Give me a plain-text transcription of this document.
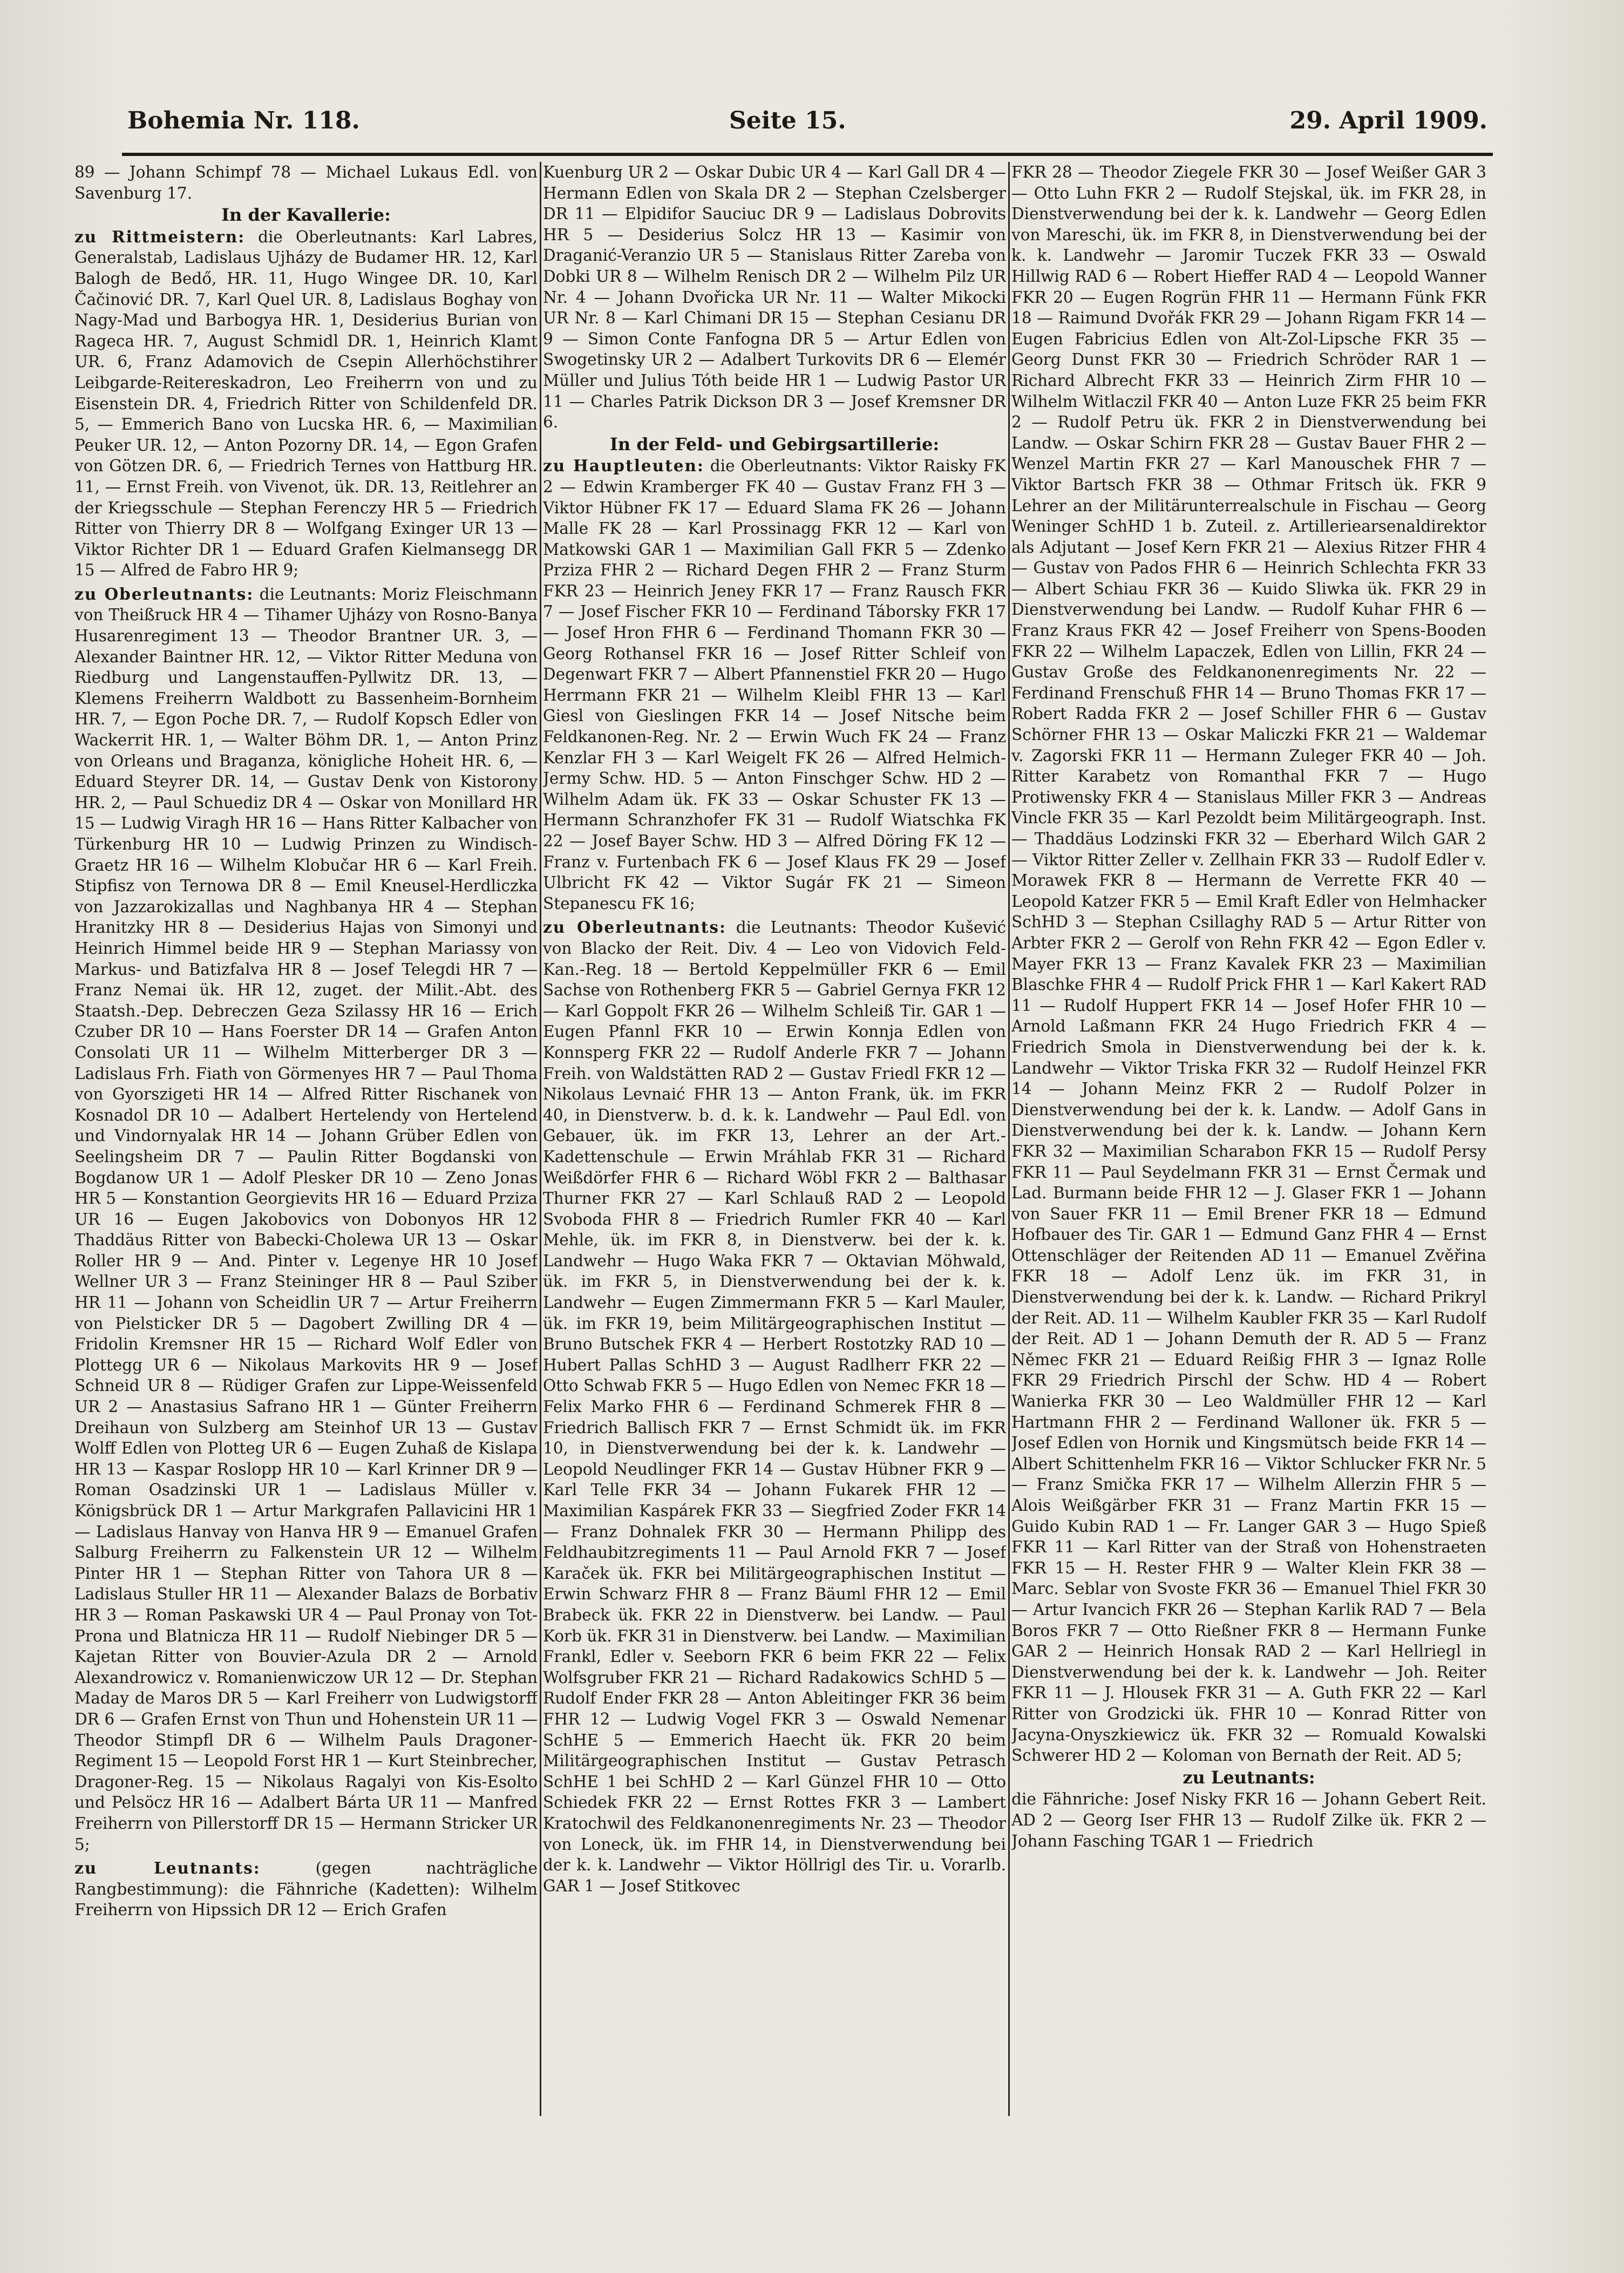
Bohemia Nr. 118.	Seite 15.	29. April 1909.

89 — Johann Schimpf 78 — Michael Lukaus Edl. von Savenburg 17.

In der Kavallerie:

zu Rittmeistern: die Oberleutnants: Karl Labres, Generalstab, Ladislaus Ujházy de Budamer HR. 12, Karl Balogh de Bedő, HR. 11, Hugo Wingee DR. 10, Karl Čačinović DR. 7, Karl Quel UR. 8, Ladislaus Boghay von Nagy-Mad und Barbogya HR. 1, Desiderius Burian von Rageca HR. 7, August Schmidl DR. 1, Heinrich Klamt UR. 6, Franz Adamovich de Csepin Allerhöchstihrer Leibgarde-Reitereskadron, Leo Freiherrn von und zu Eisenstein DR. 4, Friedrich Ritter von Schildenfeld DR. 5, — Emmerich Bano von Lucska HR. 6, — Maximilian Peuker UR. 12, — Anton Pozorny DR. 14, — Egon Grafen von Götzen DR. 6, — Friedrich Ternes von Hattburg HR. 11, — Ernst Freih. von Vivenot, ük. DR. 13, Reitlehrer an der Kriegsschule — Stephan Ferenczy HR 5 — Friedrich Ritter von Thierry DR 8 — Wolfgang Exinger UR 13 — Viktor Richter DR 1 — Eduard Grafen Kielmansegg DR 15 — Alfred de Fabro HR 9;

zu Oberleutnants: die Leutnants: Moriz Fleischmann von Theißruck HR 4 — Tihamer Ujházy von Rosno-Banya Husarenregiment 13 — Theodor Brantner UR. 3, — Alexander Baintner HR. 12, — Viktor Ritter Meduna von Riedburg und Langenstauffen-Pyllwitz DR. 13, — Klemens Freiherrn Waldbott zu Bassenheim-Bornheim HR. 7, — Egon Poche DR. 7, — Rudolf Kopsch Edler von Wackerrit HR. 1, — Walter Böhm DR. 1, — Anton Prinz von Orleans und Braganza, königliche Hoheit HR. 6, — Eduard Steyrer DR. 14, — Gustav Denk von Kistorony HR. 2, — Paul Schuediz DR 4 — Oskar von Monillard HR 15 — Ludwig Viragh HR 16 — Hans Ritter Kalbacher von Türkenburg HR 10 — Ludwig Prinzen zu Windisch-Graetz HR 16 — Wilhelm Klobučar HR 6 — Karl Freih. Stipfisz von Ternowa DR 8 — Emil Kneusel-Herdliczka von Jazzarokizallas und Naghbanya HR 4 — Stephan Hranitzky HR 8 — Desiderius Hajas von Simonyi und Heinrich Himmel beide HR 9 — Stephan Mariassy von Markus- und Batizfalva HR 8 — Josef Telegdi HR 7 — Franz Nemai ük. HR 12, zuget. der Milit.-Abt. des Staatsh.-Dep. Debreczen Geza Szilassy HR 16 — Erich Czuber DR 10 — Hans Foerster DR 14 — Grafen Anton Consolati UR 11 — Wilhelm Mitterberger DR 3 — Ladislaus Frh. Fiath von Görmenyes HR 7 — Paul Thoma von Gyorszigeti HR 14 — Alfred Ritter Rischanek von Kosnadol DR 10 — Adalbert Hertelendy von Hertelend und Vindornyalak HR 14 — Johann Grüber Edlen von Seelingsheim DR 7 — Paulin Ritter Bogdanski von Bogdanow UR 1 — Adolf Plesker DR 10 — Zeno Jonas HR 5 — Konstantion Georgievits HR 16 — Eduard Prziza UR 16 — Eugen Jakobovics von Dobonyos HR 12 Thaddäus Ritter von Babecki-Cholewa UR 13 — Oskar Roller HR 9 — And. Pinter v. Legenye HR 10 Josef Wellner UR 3 — Franz Steininger HR 8 — Paul Sziber HR 11 — Johann von Scheidlin UR 7 — Artur Freiherrn von Pielsticker DR 5 — Dagobert Zwilling DR 4 — Fridolin Kremsner HR 15 — Richard Wolf Edler von Plottegg UR 6 — Nikolaus Markovits HR 9 — Josef Schneid UR 8 — Rüdiger Grafen zur Lippe-Weissenfeld UR 2 — Anastasius Safrano HR 1 — Günter Freiherrn Dreihaun von Sulzberg am Steinhof UR 13 — Gustav Wolff Edlen von Plotteg UR 6 — Eugen Zuhaß de Kislapa HR 13 — Kaspar Roslopp HR 10 — Karl Krinner DR 9 — Roman Osadzinski UR 1 — Ladislaus Müller v. Königsbrück DR 1 — Artur Markgrafen Pallavicini HR 1 — Ladislaus Hanvay von Hanva HR 9 — Emanuel Grafen Salburg Freiherrn zu Falkenstein UR 12 — Wilhelm Pinter HR 1 — Stephan Ritter von Tahora UR 8 — Ladislaus Stuller HR 11 — Alexander Balazs de Borbativ HR 3 — Roman Paskawski UR 4 — Paul Pronay von Tot-Prona und Blatnicza HR 11 — Rudolf Niebinger DR 5 — Kajetan Ritter von Bouvier-Azula DR 2 — Arnold Alexandrowicz v. Romanienwiczow UR 12 — Dr. Stephan Maday de Maros DR 5 — Karl Freiherr von Ludwigstorff DR 6 — Grafen Ernst von Thun und Hohenstein UR 11 — Theodor Stimpfl DR 6 — Wilhelm Pauls Dragoner-Regiment 15 — Leopold Forst HR 1 — Kurt Steinbrecher, Dragoner-Reg. 15 — Nikolaus Ragalyi von Kis-Esolto und Pelsöcz HR 16 — Adalbert Bárta UR 11 — Manfred Freiherrn von Pillerstorff DR 15 — Hermann Stricker UR 5;

zu Leutnants:	(gegen nachträgliche Rangbestimmung): die Fähnriche (Kadetten): Wilhelm Freiherrn von Hipssich DR 12 — Erich Grafen

Kuenburg UR 2 — Oskar Dubic UR 4 — Karl Gall DR 4 — Hermann Edlen von Skala DR 2 — Stephan Czelsberger DR 11 — Elpidifor Sauciuc DR 9 — Ladislaus Dobrovits HR 5 — Desiderius Solcz HR 13 — Kasimir von Draganić-Veranzio UR 5 — Stanislaus Ritter Zareba von Dobki UR 8 — Wilhelm Renisch DR 2 — Wilhelm Pilz UR Nr. 4 — Johann Dvořicka UR Nr. 11 — Walter Mikocki UR Nr. 8 — Karl Chimani DR 15 — Stephan Cesianu DR 9 — Simon Conte Fanfogna DR 5 — Artur Edlen von Swogetinsky UR 2 — Adalbert Turkovits DR 6 — Elemér Müller und Julius Tóth beide HR 1 — Ludwig Pastor UR 11 — Charles Patrik Dickson DR 3 — Josef Kremsner DR 6.

In der Feld- und Gebirgsartillerie:

zu Hauptleuten: die Oberleutnants: Viktor Raisky FK 2 — Edwin Kramberger FK 40 — Gustav Franz FH 3 — Viktor Hübner FK 17 — Eduard Slama FK 26 — Johann Malle FK 28 — Karl Prossinagg FKR 12 — Karl von Matkowski GAR 1 — Maximilian Gall FKR 5 — Zdenko Prziza FHR 2 — Richard Degen FHR 2 — Franz Sturm FKR 23 — Heinrich Jeney FKR 17 — Franz Rausch FKR 7 — Josef Fischer FKR 10 — Ferdinand Táborsky FKR 17 — Josef Hron FHR 6 — Ferdinand Thomann FKR 30 — Georg Rothansel FKR 16 — Josef Ritter Schleif von Degenwart FKR 7 — Albert Pfannenstiel FKR 20 — Hugo Herrmann FKR 21 — Wilhelm Kleibl FHR 13 — Karl Giesl von Gieslingen FKR 14 — Josef Nitsche beim Feldkanonen-Reg. Nr. 2 — Erwin Wuch FK 24 — Franz Kenzlar FH 3 — Karl Weigelt FK 26 — Alfred Helmich-Jermy Schw. HD. 5 — Anton Finschger Schw. HD 2 — Wilhelm Adam ük. FK 33 — Oskar Schuster FK 13 — Hermann Schranzhofer FK 31 — Rudolf Wiatschka FK 22 — Josef Bayer Schw. HD 3 — Alfred Döring FK 12 — Franz v. Furtenbach FK 6 — Josef Klaus FK 29 — Josef Ulbricht FK 42 — Viktor Sugár FK 21 — Simeon Stepanescu FK 16;

zu Oberleutnants: die Leutnants: Theodor Kušević von Blacko der Reit. Div. 4 — Leo von Vidovich Feld-Kan.-Reg. 18 — Bertold Keppelmüller FKR 6 — Emil Sachse von Rothenberg FKR 5 — Gabriel Gernya FKR 12 — Karl Goppolt FKR 26 — Wilhelm Schleiß Tir. GAR 1 — Eugen Pfannl FKR 10 — Erwin Konnja Edlen von Konnsperg FKR 22 — Rudolf Anderle FKR 7 — Johann Freih. von Waldstätten RAD 2 — Gustav Friedl FKR 12 — Nikolaus Levnaić FHR 13 — Anton Frank, ük. im FKR 40, in Dienstverw. b. d. k. k. Landwehr — Paul Edl. von Gebauer, ük. im FKR 13, Lehrer an der Art.-Kadettenschule — Erwin Mráhlab FKR 31 — Richard Weißdörfer FHR 6 — Richard Wöbl FKR 2 — Balthasar Thurner FKR 27 — Karl Schlauß RAD 2 — Leopold Svoboda FHR 8 — Friedrich Rumler FKR 40 — Karl Mehle, ük. im FKR 8, in Dienstverw. bei der k. k. Landwehr — Hugo Waka FKR 7 — Oktavian Möhwald, ük. im FKR 5, in Dienstverwendung bei der k. k. Landwehr — Eugen Zimmermann FKR 5 — Karl Mauler, ük. im FKR 19, beim Militärgeographischen Institut — Bruno Butschek FKR 4 — Herbert Rostotzky RAD 10 — Hubert Pallas SchHD 3 — August Radlherr FKR 22 — Otto Schwab FKR 5 — Hugo Edlen von Nemec FKR 18 — Felix Marko FHR 6 — Ferdinand Schmerek FHR 8 — Friedrich Ballisch FKR 7 — Ernst Schmidt ük. im FKR 10, in Dienstverwendung bei der k. k. Landwehr — Leopold Neudlinger FKR 14 — Gustav Hübner FKR 9 — Karl Telle FKR 34 — Johann Fukarek FHR 12 — Maximilian Kaspárek FKR 33 — Siegfried Zoder FKR 14 — Franz Dohnalek FKR 30 — Hermann Philipp des Feldhaubitzregiments 11 — Paul Arnold FKR 7 — Josef Karaček ük. FKR bei Militärgeographischen Institut — Erwin Schwarz FHR 8 — Franz Bäuml FHR 12 — Emil Brabeck ük. FKR 22 in Dienstverw. bei Landw. — Paul Korb ük. FKR 31 in Dienstverw. bei Landw. — Maximilian Frankl, Edler v. Seeborn FKR 6 beim FKR 22 — Felix Wolfsgruber FKR 21 — Richard Radakowics SchHD 5 — Rudolf Ender FKR 28 — Anton Ableitinger FKR 36 beim FHR 12 — Ludwig Vogel FKR 3 — Oswald Nemenar SchHE 5 — Emmerich Haecht ük. FKR 20 beim Militärgeographischen Institut — Gustav Petrasch SchHE 1 bei SchHD 2 — Karl Günzel FHR 10 — Otto Schiedek FKR 22 — Ernst Rottes FKR 3 — Lambert Kratochwil des Feldkanonenregiments Nr. 23 — Theodor von Loneck, ük. im FHR 14, in Dienstverwendung bei der k. k. Landwehr — Viktor Höllrigl des Tir. u. Vorarlb. GAR 1 — Josef Stitkovec

FKR 28 — Theodor Ziegele FKR 30 — Josef Weißer GAR 3 — Otto Luhn FKR 2 — Rudolf Stejskal, ük. im FKR 28, in Dienstverwendung bei der k. k. Landwehr — Georg Edlen von Mareschi, ük. im FKR 8, in Dienstverwendung bei der k. k. Landwehr — Jaromir Tuczek FKR 33 — Oswald Hillwig RAD 6 — Robert Hieffer RAD 4 — Leopold Wanner FKR 20 — Eugen Rogrün FHR 11 — Hermann Fünk FKR 18 — Raimund Dvořák FKR 29 — Johann Rigam FKR 14 — Eugen Fabricius Edlen von Alt-Zol-Lipsche FKR 35 — Georg Dunst FKR 30 — Friedrich Schröder RAR 1 — Richard Albrecht FKR 33 — Heinrich Zirm FHR 10 — Wilhelm Witlaczil FKR 40 — Anton Luze FKR 25 beim FKR 2 — Rudolf Petru ük. FKR 2 in Dienstverwendung bei Landw. — Oskar Schirn FKR 28 — Gustav Bauer FHR 2 — Wenzel Martin FKR 27 — Karl Manouschek FHR 7 — Viktor Bartsch FKR 38 — Othmar Fritsch ük. FKR 9 Lehrer an der Militärunterrealschule in Fischau — Georg Weninger SchHD 1 b. Zuteil. z. Artilleriearsenaldirektor als Adjutant — Josef Kern FKR 21 — Alexius Ritzer FHR 4 — Gustav von Pados FHR 6 — Heinrich Schlechta FKR 33 — Albert Schiau FKR 36 — Kuido Sliwka ük. FKR 29 in Dienstverwendung bei Landw. — Rudolf Kuhar FHR 6 — Franz Kraus FKR 42 — Josef Freiherr von Spens-Booden FKR 22 — Wilhelm Lapaczek, Edlen von Lillin, FKR 24 — Gustav Große des Feldkanonenregiments Nr. 22 — Ferdinand Frenschuß FHR 14 — Bruno Thomas FKR 17 — Robert Radda FKR 2 — Josef Schiller FHR 6 — Gustav Schörner FHR 13 — Oskar Maliczki FKR 21 — Waldemar v. Zagorski FKR 11 — Hermann Zuleger FKR 40 — Joh. Ritter Karabetz von Romanthal FKR 7 — Hugo Protiwensky FKR 4 — Stanislaus Miller FKR 3 — Andreas Vincle FKR 35 — Karl Pezoldt beim Militärgeograph. Inst. — Thaddäus Lodzinski FKR 32 — Eberhard Wilch GAR 2 — Viktor Ritter Zeller v. Zellhain FKR 33 — Rudolf Edler v. Morawek FKR 8 — Hermann de Verrette FKR 40 — Leopold Katzer FKR 5 — Emil Kraft Edler von Helmhacker SchHD 3 — Stephan Csillaghy RAD 5 — Artur Ritter von Arbter FKR 2 — Gerolf von Rehn FKR 42 — Egon Edler v. Mayer FKR 13 — Franz Kavalek FKR 23 — Maximilian Blaschke FHR 4 — Rudolf Prick FHR 1 — Karl Kakert RAD 11 — Rudolf Huppert FKR 14 — Josef Hofer FHR 10 — Arnold Laßmann FKR 24 Hugo Friedrich FKR 4 — Friedrich Smola in Dienstverwendung bei der k. k. Landwehr — Viktor Triska FKR 32 — Rudolf Heinzel FKR 14 — Johann Meinz FKR 2 — Rudolf Polzer in Dienstverwendung bei der k. k. Landw. — Adolf Gans in Dienstverwendung bei der k. k. Landw. — Johann Kern FKR 32 — Maximilian Scharabon FKR 15 — Rudolf Persy FKR 11 — Paul Seydelmann FKR 31 — Ernst Čermak und Lad. Burmann beide FHR 12 — J. Glaser FKR 1 — Johann von Sauer FKR 11 — Emil Brener FKR 18 — Edmund Hofbauer des Tir. GAR 1 — Edmund Ganz FHR 4 — Ernst Ottenschläger der Reitenden AD 11 — Emanuel Zvěřina FKR 18 — Adolf Lenz ük. im FKR 31, in Dienstverwendung bei der k. k. Landw. — Richard Prikryl der Reit. AD. 11 — Wilhelm Kaubler FKR 35 — Karl Rudolf der Reit. AD 1 — Johann Demuth der R. AD 5 — Franz Němec FKR 21 — Eduard Reißig FHR 3 — Ignaz Rolle FKR 29 Friedrich Pirschl der Schw. HD 4 — Robert Wanierka FKR 30 — Leo Waldmüller FHR 12 — Karl Hartmann FHR 2 — Ferdinand Walloner ük. FKR 5 — Josef Edlen von Hornik und Kingsmütsch beide FKR 14 — Albert Schittenhelm FKR 16 — Viktor Schlucker FKR Nr. 5 — Franz Smička FKR 17 — Wilhelm Allerzin FHR 5 — Alois Weißgärber FKR 31 — Franz Martin FKR 15 — Guido Kubin RAD 1 — Fr. Langer GAR 3 — Hugo Spieß FKR 11 — Karl Ritter van der Straß von Hohenstraeten FKR 15 — H. Rester FHR 9 — Walter Klein FKR 38 — Marc. Seblar von Svoste FKR 36 — Emanuel Thiel FKR 30 — Artur Ivancich FKR 26 — Stephan Karlik RAD 7 — Bela Boros FKR 7 — Otto Rießner FKR 8 — Hermann Funke GAR 2 — Heinrich Honsak RAD 2 — Karl Hellriegl in Dienstverwendung bei der k. k. Landwehr — Joh. Reiter FKR 11 — J. Hlousek FKR 31 — A. Guth FKR 22 — Karl Ritter von Grodzicki ük. FHR 10 — Konrad Ritter von Jacyna-Onyszkiewicz ük. FKR 32 — Romuald Kowalski Schwerer HD 2 — Koloman von Bernath der Reit. AD 5;

zu Leutnants:

die Fähnriche: Josef Nisky FKR 16 — Johann Gebert Reit. AD 2 — Georg Iser FHR 13 — Rudolf Zilke ük. FKR 2 — Johann Fasching TGAR 1 — Friedrich
